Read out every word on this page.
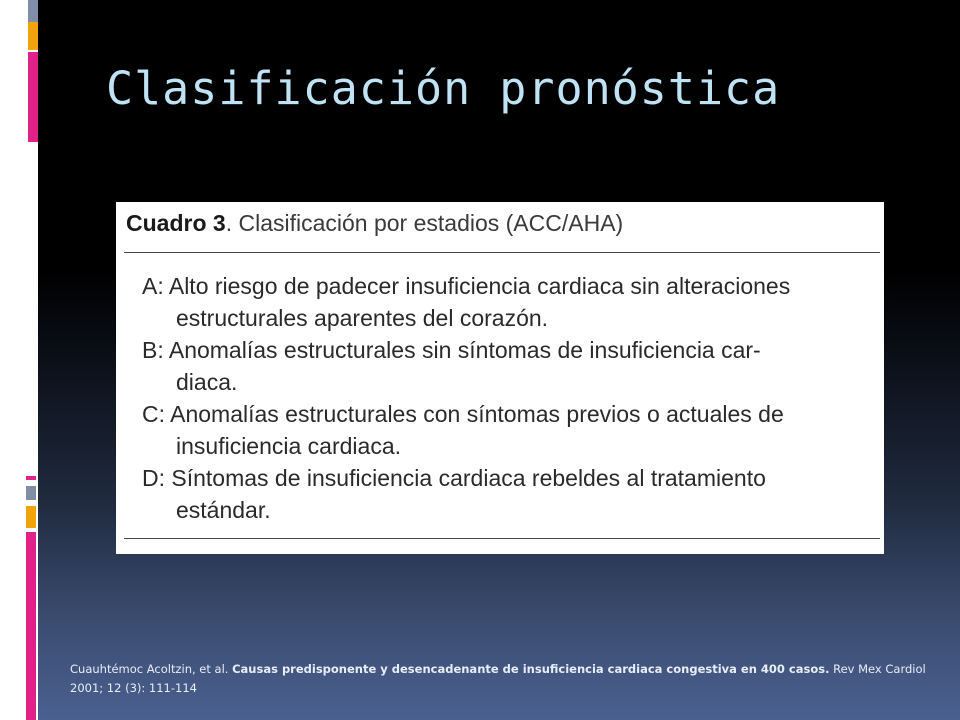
Clasificación pronóstica
Cuadro 3. Clasificación por estadios (ACC/AHA)
A: Alto riesgo de padecer insuficiencia cardiaca sin alteraciones
estructurales aparentes del corazón.
B: Anomalías estructurales sin síntomas de insuficiencia car-
diaca.
C: Anomalías estructurales con síntomas previos o actuales de
insuficiencia cardiaca.
D: Síntomas de insuficiencia cardiaca rebeldes al tratamiento
estándar.
Cuauhtémoc Acoltzin, et al. Causas predisponente y desencadenante de insuficiencia cardiaca congestiva en 400 casos. Rev Mex Cardiol 2001; 12 (3): 111-114
